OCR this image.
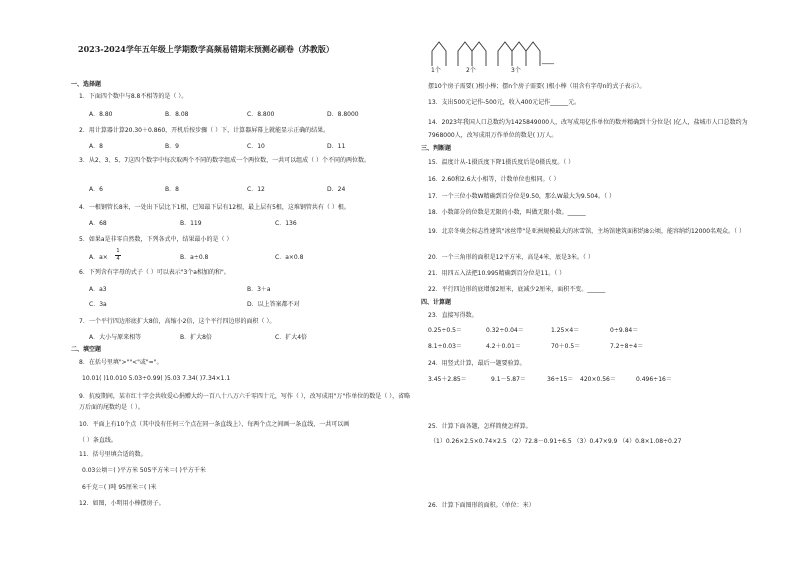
2023-2024学年五年级上学期数学高频易错期末预测必刷卷（苏教版）
一、选择题
1．下面四个数中与8.8不相等的是（ ）。
A．8.80	B．8.08	C．8.800	D．8.8000
2．用计算器计算20.30＋0.860，开机后按步骤（ ）下，计算器屏幕上就能显示正确的结果。
A．8	B．9	C．10	D．11
3．从2、3、5、7这四个数字中每次取两个不同的数字组成一个两位数，一共可以组成（ ）个不同的两位数。
A．6	B．8	C．12	D．24
4．一根钢管长8米，一处出下层比下1根，已知最下层有12根，最上层有5根，这堆钢管共有（ ）根。
A．68	B．119	C．136
5．如果a是非零自然数，下列各式中，结果最小的是（ ）
A．a×
1
4	B．a÷0.8	C．a×0.8
6．下列含有字母的式子（ ）可以表示"3个a相加的和"。
A．a3	B．3＋a
C．3a	D．以上答案都不对
7．一个平行四边形底扩大8倍，高缩小2倍，这个平行四边形的面积（ ）。
A．大小与原来相等	B．扩大8倍	C．扩大4倍
二、填空题
8．在括号里填">""<"或"="。
10.01( )10.010 5.03÷0.99( )5.03 7.34( )7.34×1.1
9．抗疫期间，某市红十字会共收爱心捐赠大约一百八十八万六千零四十元，写作（ ），改写成用"万"作单位的数是（ ），省略万后面的尾数约是（ ）。
10．平面上有10个点（其中没有任何三个点在同一条直线上），每两个点之间画一条直线，一共可以画
（ ）条直线。
11．括号里填合适的数。
0.03公顷＝( )平方米 505平方米＝( )平方千米
6千克＝( )吨 95厘米＝( )米
12．如图，小明用小棒摆房子。
1个	2个	3个
___
摆10个房子需要( )根小棒；摆n个房子需要( )根小棒（用含有字母n的式子表示）。
13．支出500元记作-500元，收入400元记作______元。
14．2023年我国人口总数约为1425849000人，改写成用亿作单位的数并精确到十分位是( )亿人，盐城市人口总数约为7968000人，改写成用万作单位的数是( )万人。
三、判断题
15．温度计从-1摄氏度下降1摄氏度后是0摄氏度。（ ）
16．2.60和2.6大小相等，计数单位也相同。（ ）
17．一个三位小数W精确到百分位是9.50，那么W最大为9.504。（ ）
18．小数部分的位数是无限的小数，叫做无限小数。______
19．北京冬奥会标志性建筑"冰丝带"是亚洲规模最大的冰雪馆，主场馆建筑面积约8公顷，能容纳约12000名观众。（ ）
20．一个三角形的面积是12平方米，高是4米，底是3米。（ ）
21．用四五入法把10.995精确到百分位是11。（ ）
22．平行四边形的底增加2厘米，底减少2厘米，面积不变。______
四、计算题
23．直接写得数。
0.25÷0.5＝	0.32÷0.04＝	1.25×4＝	0÷9.84＝
8.1÷0.03＝	4.2＋0.01＝	70＋0.5＝	7.2÷8÷4＝
24．用竖式计算，最后一题要验算。
3.45＋2.85＝	9.1－5.87＝	36÷15＝ 420×0.56＝	0.496÷16＝
25．计算下面各题，怎样简便怎样算。
（1）0.26×2.5×0.74×2.5 （2）72.8－0.91÷6.5 （3）0.47×9.9 （4）0.8×1.08÷0.27
26．计算下面图形的面积。（单位：米）
